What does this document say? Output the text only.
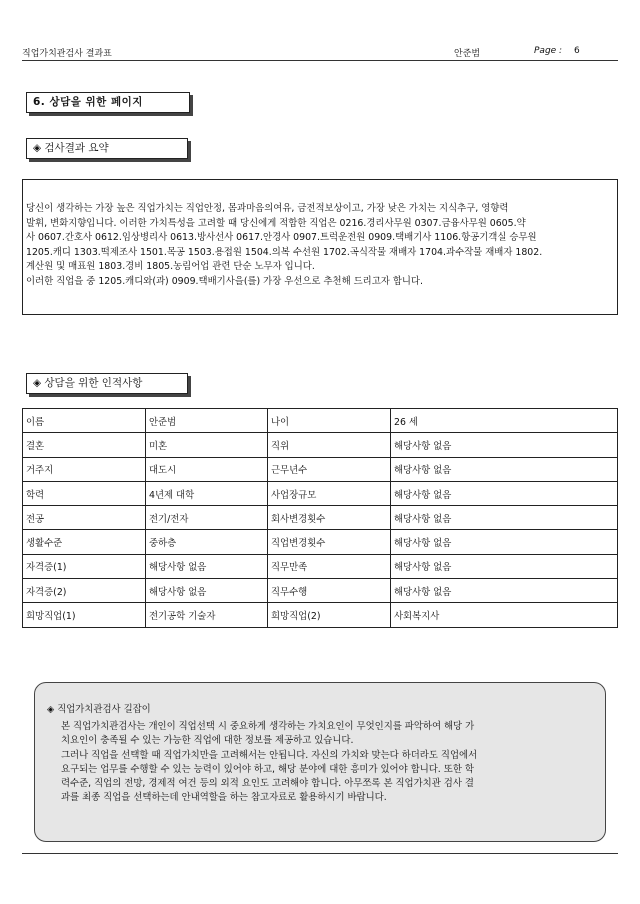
직업가치관검사 결과표	안준범	Page : 6
6. 상담을 위한 페이지
◈ 검사결과 요약

당신이 생각하는 가장 높은 직업가치는 직업안정, 몸과마음의여유, 금전적보상이고, 가장 낮은 가치는 지식추구, 영향력

발휘, 변화지향입니다. 이러한 가치특성을 고려할 때 당신에게 적합한 직업은 0216.경리사무원 0307.금융사무원 0605.약

사 0607.간호사 0612.임상병리사 0613.방사선사 0617.안경사 0907.트럭운전원 0909.택배기사 1106.항공기객실 승무원

1205.캐디 1303.떡제조사 1501.목공 1503.용접원 1504.의복 수선원 1702.곡식작물 재배자 1704.과수작물 재배자 1802.

계산원 및 매표원 1803.경비 1805.농림어업 관련 단순 노무자 입니다.

이러한 직업을 중 1205.캐디와(과) 0909.택배기사을(를) 가장 우선으로 추천해 드리고자 합니다.

◈ 상담을 위한 인적사항
이름	안준범	나이	26 세
결혼	미혼	직위	해당사항 없음
거주지	대도시	근무년수	해당사항 없음
학력	4년제 대학	사업장규모	해당사항 없음
전공	전기/전자	회사변경횟수	해당사항 없음
생활수준	중하층	직업변경횟수	해당사항 없음
자격증(1)	해당사항 없음	직무만족	해당사항 없음
자격증(2)	해당사항 없음	직무수행	해당사항 없음
희망직업(1)	전기공학 기술자	희망직업(2)	사회복지사
◈ 직업가치관검사 길잡이
본 직업가치관검사는 개인이 직업선택 시 중요하게 생각하는 가치요인이 무엇인지를 파악하여 해당 가
치요인이 충족될 수 있는 가능한 직업에 대한 정보를 제공하고 있습니다.
그러나 직업을 선택할 때 직업가치만을 고려해서는 안됩니다. 자신의 가치와 맞는다 하더라도 직업에서
요구되는 업무를 수행할 수 있는 능력이 있어야 하고, 해당 분야에 대한 흥미가 있어야 합니다. 또한 학
력수준, 직업의 전망, 경제적 여건 등의 외적 요인도 고려해야 합니다. 아무쪼록 본 직업가치관 검사 결
과를 최종 직업을 선택하는데 안내역할을 하는 참고자료로 활용하시기 바랍니다.
